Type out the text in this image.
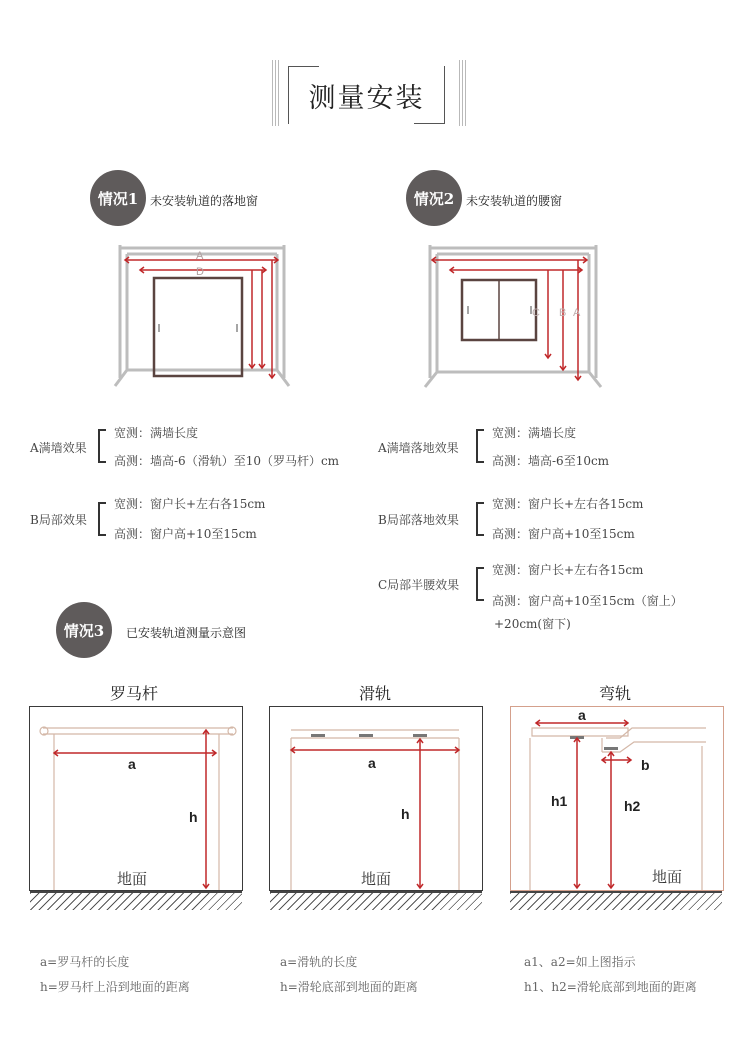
测量安装
情况1 未安装轨道的落地窗
A
D
情况2 未安装轨道的腰窗
C B A
A满墙效果
宽测：满墙长度
高测：墙高-6（滑轨）至10（罗马杆）cm
B局部效果
宽测：窗户长+左右各15cm
高测：窗户高+10至15cm
A满墙落地效果
宽测：满墙长度
高测：墙高-6至10cm
B局部落地效果
宽测：窗户长+左右各15cm
高测：窗户高+10至15cm
C局部半腰效果
宽测：窗户长+左右各15cm
高测：窗户高+10至15cm（窗上）
+20cm(窗下)
情况3	已安装轨道测量示意图
罗马杆
a
h
地面
滑轨
a
h
地面
弯轨
a
b
h1	h2
地面
a=罗马杆的长度
h=罗马杆上沿到地面的距离
a=滑轨的长度
h=滑轮底部到地面的距离
a1、a2=如上图指示
h1、h2=滑轮底部到地面的距离
